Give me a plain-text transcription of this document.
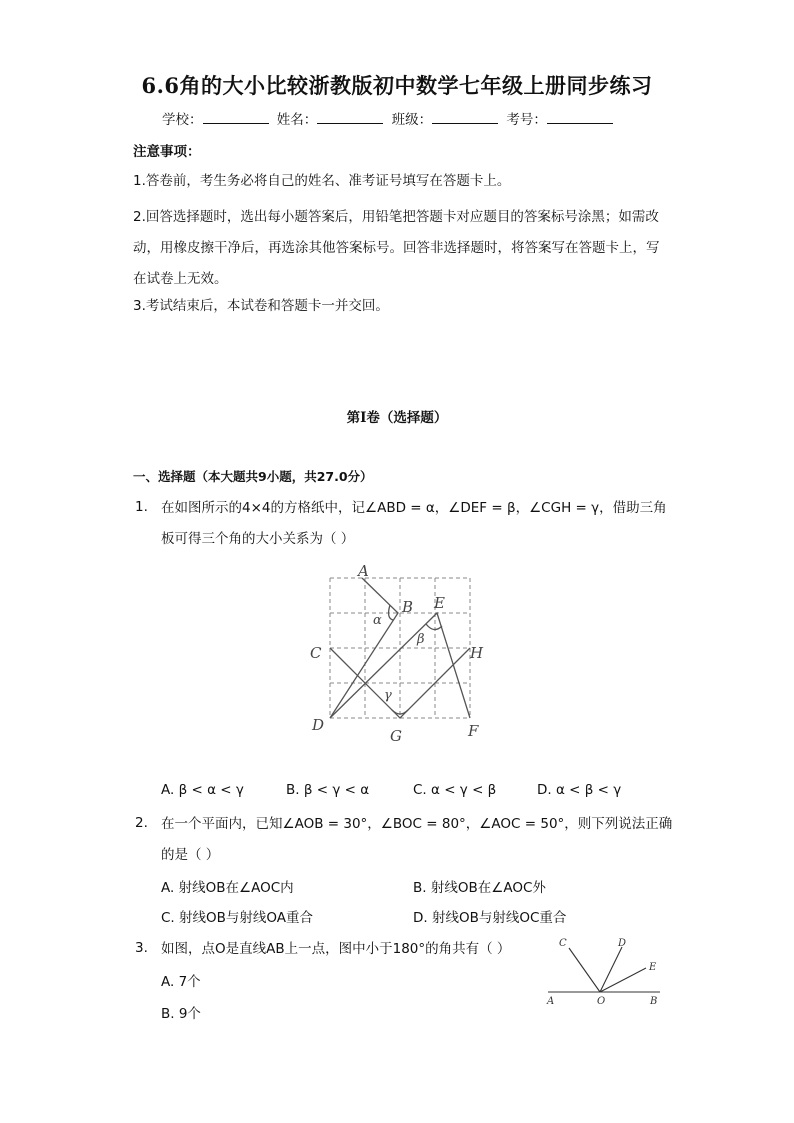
6.6角的大小比较浙教版初中数学七年级上册同步练习
学校：	姓名：	班级：	考号：
注意事项：
1.答卷前，考生务必将自己的姓名、准考证号填写在答题卡上。
2.回答选择题时，选出每小题答案后，用铅笔把答题卡对应题目的答案标号涂黑；如需改动，用橡皮擦干净后，再选涂其他答案标号。回答非选择题时，将答案写在答题卡上，写在试卷上无效。
3.考试结束后，本试卷和答题卡一并交回。
第Ⅰ卷（选择题）
一、选择题（本大题共9小题，共27.0分）
1. 在如图所示的4×4的方格纸中，记∠ABD = α，∠DEF = β，∠CGH = γ，借助三角
板可得三个角的大小关系为（ ）
A
B E
C	H
D
G	F
α
β
γ
A. β < α < γ	B. β < γ < α	C. α < γ < β	D. α < β < γ
2. 在一个平面内，已知∠AOB = 30°，∠BOC = 80°，∠AOC = 50°，则下列说法正确
的是（ ）
A. 射线OB在∠AOC内	B. 射线OB在∠AOC外
C. 射线OB与射线OA重合	D. 射线OB与射线OC重合
3. 如图，点O是直线AB上一点，图中小于180°的角共有（ ）
A. 7个
B. 9个
C	D
E
A	O	B
